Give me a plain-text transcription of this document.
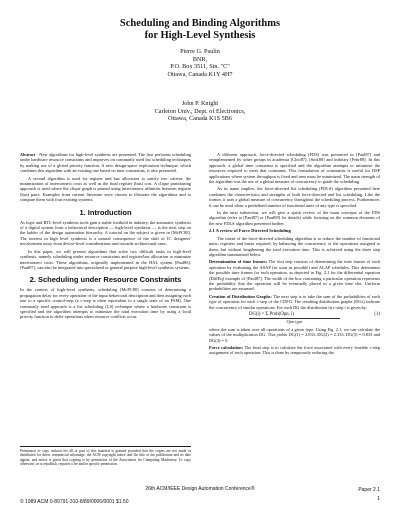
Scheduling and Binding Algorithms
for High-Level Synthesis
Pierre G. Paulin
BNR,
P.O. Box 3511, Stn. "C"
Ottawa, Canada K1Y 4H7
John P. Knight
Carleton Univ., Dept. of Electronics,
Ottawa, Canada K1S 5B6

Abstract - New algorithms for high-level synthesis are presented. The first performs scheduling under hardware resource constraints and improves on commonly used list scheduling techniques by making use of a global priority function. A new design-space exploration technique, which combines this algorithm with an existing one based on time constraints, is also presented.

A second algorithm is used for register and bus allocation to satisfy two criteria: the minimization of interconnect costs as well as the final register (bus) cost. A clique partitioning approach is used where the clique graph is pruned using interconnect affinities between register (bus) pairs. Examples from current literature were chosen to illustrate the algorithms and to compare them with four existing systems.

1. Introduction

As logic and RTL-level synthesis tools gain a stable foothold in industry, the automatic synthesis of a digital system from a behavioral description — high-level synthesis — is the next step on the ladder of the design automation hierarchy. A tutorial on the subject is given in [McPC88]. The interest in high level synthesis is a natural consequence of the shift of IC designers' involvement away from device-level considerations and towards architectural ones.

In this paper, we will present algorithms that solve two difficult tasks in high-level synthesis, namely scheduling under resource constraints and register/bus allocation to minimize interconnect costs. These algorithms, originally implemented in the HAL system [Paul86], [Paul87], can also be integrated into specialized or general purpose high-level synthesis systems.

2. Scheduling under Resource Constraints

In the context of high-level synthesis, scheduling [McPC88] consists of determining a propagation delay for every operation of the input behavioral description and then assigning each one to a specific control-step (a c-step is often equivalent to a single state of an FSM). One commonly used approach is a list scheduling (LS) technique where a hardware constraint is specified and the algorithm attempts to minimize the total execution time by using a local priority function to defer operations when resource conflicts occur.

Permission to copy without fee all or part of this material is granted provided that the copies are not made or distributed for direct commercial advantage, the ACM copyright notice and the title of the publication and its date appear, and notice is given that copying is by permission of the Association for Computing Machinery. To copy otherwise, or to republish, requires a fee and/or specific permission.

A different approach, force-directed scheduling (FDS) was presented in [Paul87] and reimplemented by other groups in academia [Cloo87], [Stok88] and industry [Fehr88]. In this approach, a global time constraint is specified and the algorithm attempts to minimize the resources required to meet that constraint. This formulation of constraints is useful for DSP applications where system throughput is fixed and area must be minimized. The main strength of the algorithm was the use of a global measure of concurrency to guide the scheduling.

As its name implies, the force-directed list scheduling (FDLS) algorithm presented here combines the characteristics and strengths of both force-directed and list scheduling. Like the former, it uses a global measure of concurrency throughout the scheduling process. Furthermore, it can be used when a predefined number of functional units of any type is specified.

In the next subsection, we will give a quick review of the main concepts of the FDS algorithm (refer to [Paul87] or [Paul89] for details) while focusing on the common elements of the new FDLS algorithm presented further.

2.1 A review of Force Directed Scheduling

The intent of the force-directed scheduling algorithm is to reduce the number of functional units, registers and buses required, by balancing the concurrency of the operations assigned to them, but without lengthening the total execution time. This is achieved using the three step algorithm summarized below.

Determination of time frames: The first step consists of determining the time frames of each operation by evaluating the ASAP (as soon as possible) and ALAP schedules. This determines the possible time frames for each operation, as depicted in Fig. 2.1 for the differential equation (DiffEq) example of [Paul87]. The width of the box containing a particular operation represents the probability that the operation will be eventually placed in a given time slot. Uniform probabilities are assumed.

Creation of Distribution Graphs: The next step is to take the sum of the probabilities of each type of operation for each c-step of the CDFG. The resulting distribution graphs (DGs) indicate the concurrency of similar operations. For each DG the distribution in c-step i is given by:

DG(i) = Σ Prob(Opn, i)	(1)
Opn type

where the sum is taken over all operations of a given type. Using Fig. 2.1, we can calculate the values of the multiplication DG. This yields DG(1) = 2.833, DG(2) = 2.333, DG(3) = 0.833 and DG(4) = 0.

Force calculation: The final step is to calculate the force associated with every feasible c-step assignment of each operation. This is done by temporarily reducing the

26th ACM/IEEE Design Automation Conference®	Paper 2.1
© 1989 ACM 0-89791-310-8/89/0006/0001 $1.50	1
